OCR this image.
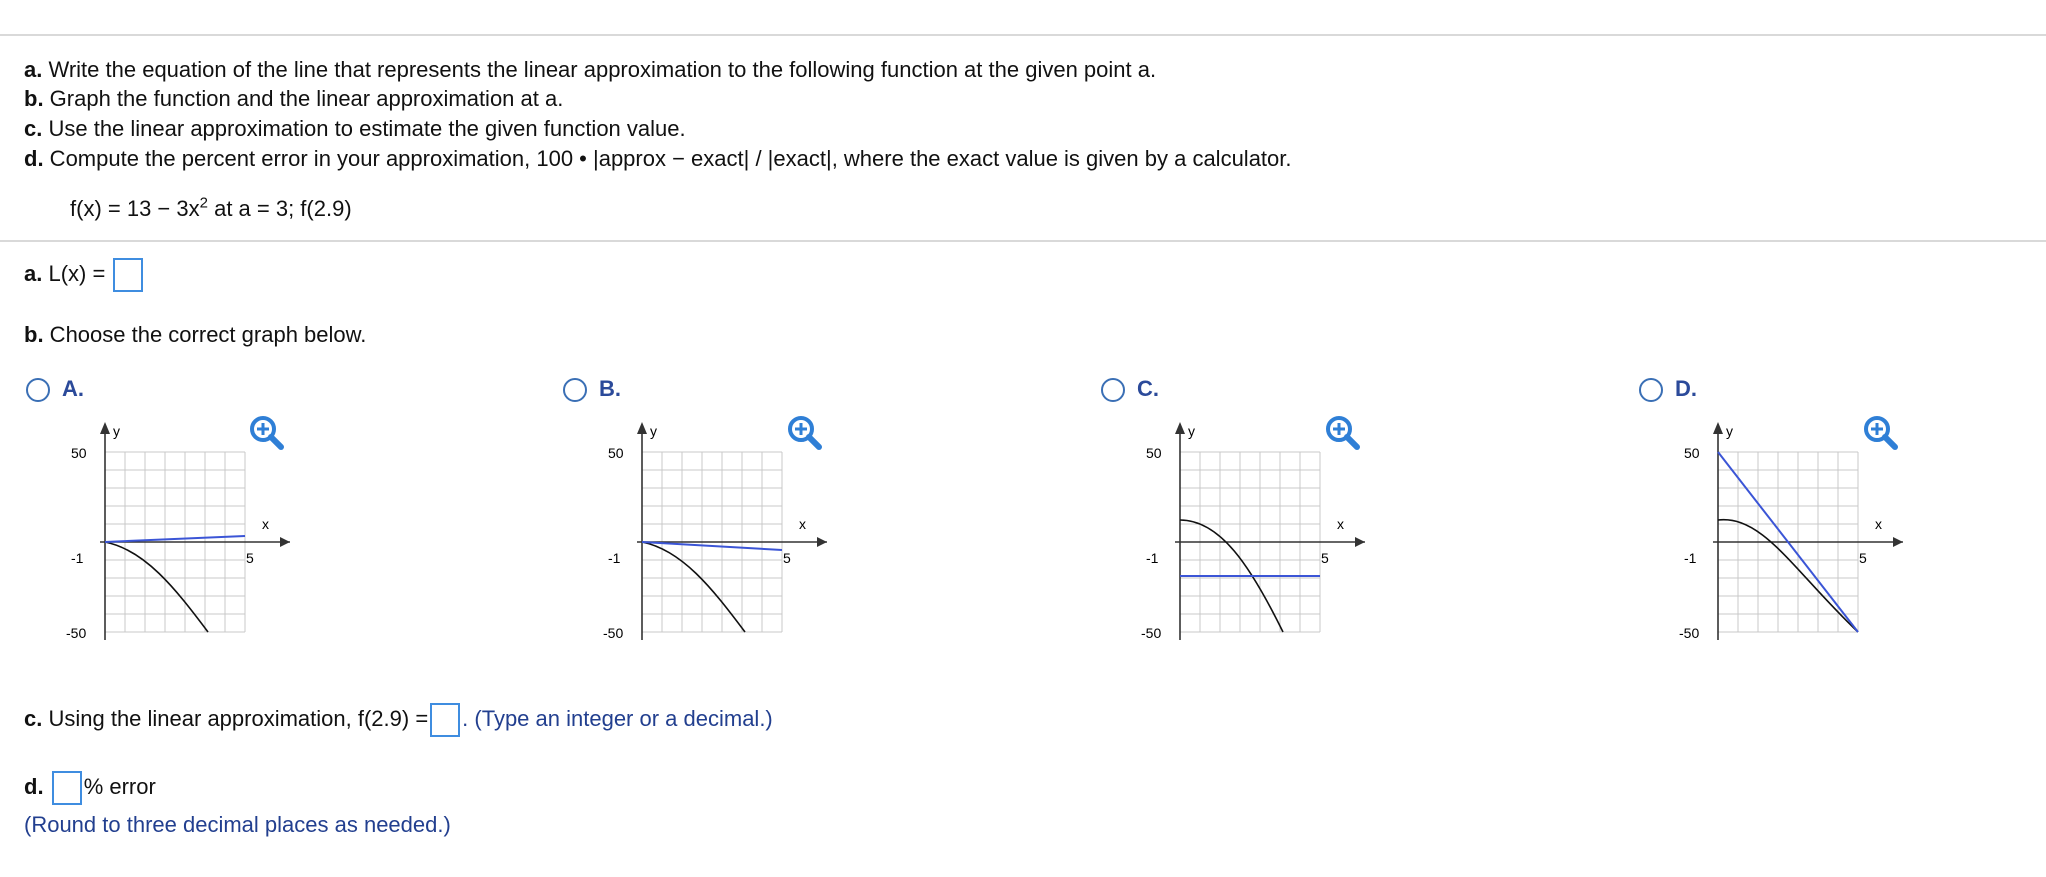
a. Write the equation of the line that represents the linear approximation to the following function at the given point a.
b. Graph the function and the linear approximation at a.
c. Use the linear approximation to estimate the given function value.
d. Compute the percent error in your approximation, 100 • |approx − exact| / |exact|, where the exact value is given by a calculator.
$f(x) = 13 - 3x^2$ at a = 3; f(2.9)
a. L(x) =
b. Choose the correct graph below.
A.	B.	C.	D.
y
x
50
-50
-1	5
y
x
50
-50
-1	5
y
x
50
-50
-1	5
y
x
50
-50
-1	5
c. Using the linear approximation, f(2.9) = . (Type an integer or a decimal.)
d. % error
(Round to three decimal places as needed.)
